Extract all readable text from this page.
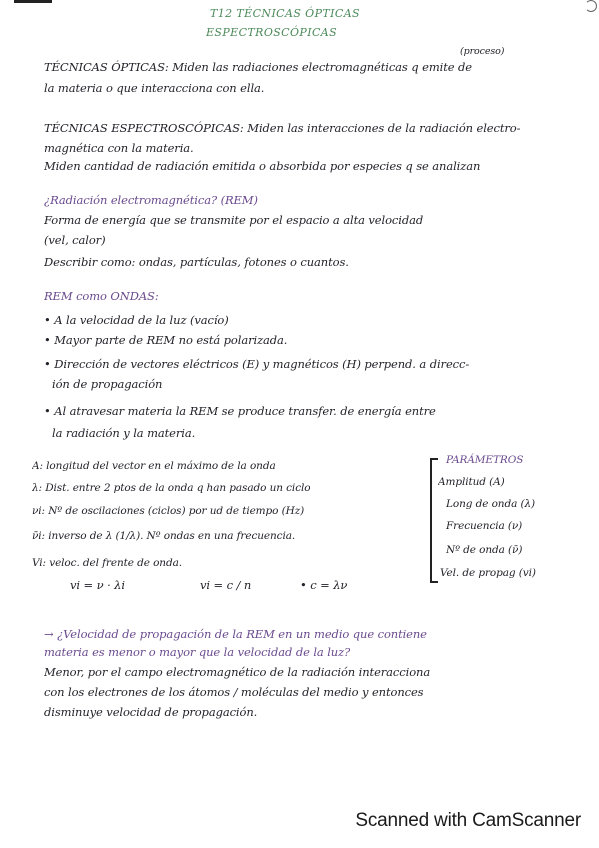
T12 TÉCNICAS ÓPTICAS
ESPECTROSCÓPICAS
(proceso)
TÉCNICAS ÓPTICAS: Miden las radiaciones electromagnéticas q emite de
la materia o que interacciona con ella.
TÉCNICAS ESPECTROSCÓPICAS: Miden las interacciones de la radiación electro-
magnética con la materia.
Miden cantidad de radiación emitida o absorbida por especies q se analizan
¿Radiación electromagnética? (REM)
Forma de energía que se transmite por el espacio a alta velocidad
(vel, calor)
Describir como: ondas, partículas, fotones o cuantos.
REM como ONDAS:
• A la velocidad de la luz (vacío)
• Mayor parte de REM no está polarizada.
• Dirección de vectores eléctricos (E) y magnéticos (H) perpend. a direcc-
ión de propagación
• Al atravesar materia la REM se produce transfer. de energía entre
la radiación y la materia.
A: longitud del vector en el máximo de la onda
λ: Dist. entre 2 ptos de la onda q han pasado un ciclo
νi: Nº de oscilaciones (ciclos) por ud de tiempo (Hz)
ν̄i: inverso de λ (1/λ). Nº ondas en una frecuencia.
Vi: veloc. del frente de onda.
vi = ν · λi	vi = c / n	• c = λν
PARÁMETROS
Amplitud (A)
Long de onda (λ)
Frecuencia (ν)
Nº de onda (ν̄)
Vel. de propag (vi)
→ ¿Velocidad de propagación de la REM en un medio que contiene
materia es menor o mayor que la velocidad de la luz?
Menor, por el campo electromagnético de la radiación interacciona
con los electrones de los átomos / moléculas del medio y entonces
disminuye velocidad de propagación.
Scanned with CamScanner
